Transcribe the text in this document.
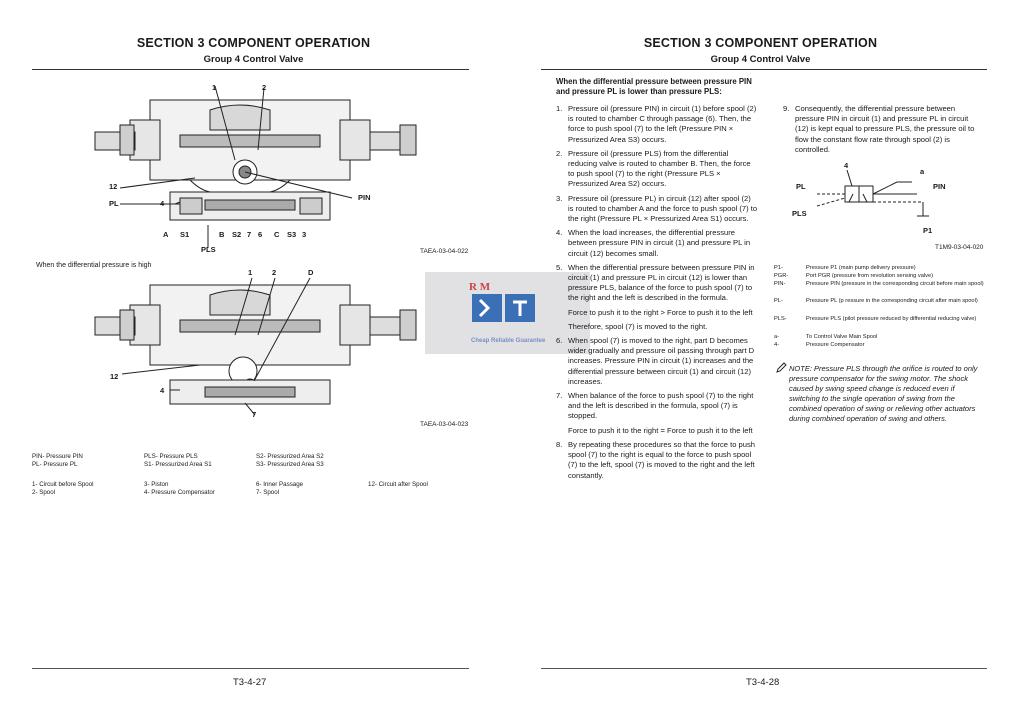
SECTION 3 COMPONENT OPERATION
Group 4 Control Valve
1	2
12
PL	4
PIN
A S1	B S2 7 6 C S3 3
PLS	TAEA-03-04-022
When the differential pressure is high
1	2	D
12
4
7
TAEA-03-04-023
PIN- Pressure PIN
PL- Pressure PL
PLS- Pressure PLS
S1- Pressurized Area S1
S2- Pressurized Area S2
S3- Pressurized Area S3
1- Circuit before Spool
2- Spool
3- Piston
4- Pressure Compensator
6- Inner Passage
7- Spool
12- Circuit after Spool
T3-4-27
R M
Cheap Reliable Guarantee
SECTION 3 COMPONENT OPERATION
Group 4 Control Valve
When the differential pressure between pressure PIN and pressure PL is lower than pressure PLS:
1. Pressure oil (pressure PIN) in circuit (1) before spool (2) is routed to chamber C through passage (6). Then, the force to push spool (7) to the left (Pressure PIN × Pressurized Area S3) occurs.
2. Pressure oil (pressure PLS) from the differential reducing valve is routed to chamber B. Then, the force to push spool (7) to the right (Pressure PLS × Pressurized Area S2) occurs.
3. Pressure oil (pressure PL) in circuit (12) after spool (2) is routed to chamber A and the force to push spool (7) to the right (Pressure PL × Pressurized Area S1) occurs.
4. When the load increases, the differential pressure between pressure PIN in circuit (1) and pressure PL in circuit (12) becomes small.
5. When the differential pressure between pressure PIN in circuit (1) and pressure PL in circuit (12) is lower than pressure PLS, balance of the force to push spool (7) to the right and the left is described in the formula.
Force to push it to the right > Force to push it to the left
Therefore, spool (7) is moved to the right.
6. When spool (7) is moved to the right, part D becomes wider gradually and pressure oil passing through part D increases. Pressure PIN in circuit (1) increases and the differential pressure between circuit (1) and circuit (12) increases.
7. When balance of the force to push spool (7) to the right and the left is described in the formula, spool (7) is stopped.
Force to push it to the right = Force to push it to the left
8. By repeating these procedures so that the force to push spool (7) to the right is equal to the force to push spool (7) to the left, spool (7) is moved to the right and the left constantly.
9. Consequently, the differential pressure between pressure PIN in circuit (1) and pressure PL in circuit (12) is kept equal to pressure PLS, the pressure oil to flow the constant flow rate through spool (2) is controlled.
4
a
PL	PIN
PLS
P1
T1M9-03-04-020
P1-	Pressure P1 (main pump delivery pressure)
PGR-	Port PGR (pressure from revolution sensing valve)
PIN-	Pressure PIN (pressure in the corresponding circuit before main spool)
PL-	Pressure PL (p ressure in the corresponding circuit after main spool)
PLS-	Pressure PLS (pilot pressure reduced by differential reducing valve)
a-	To Control Valve Main Spool
4-	Pressure Compensator
NOTE: Pressure PLS through the orifice is routed to only pressure compensator for the swing motor. The shock caused by swing speed change is reduced even if switching to the single operation of swing from the combined operation of swing or relieving other actuators during combined operation of swing and others.
T3-4-28
